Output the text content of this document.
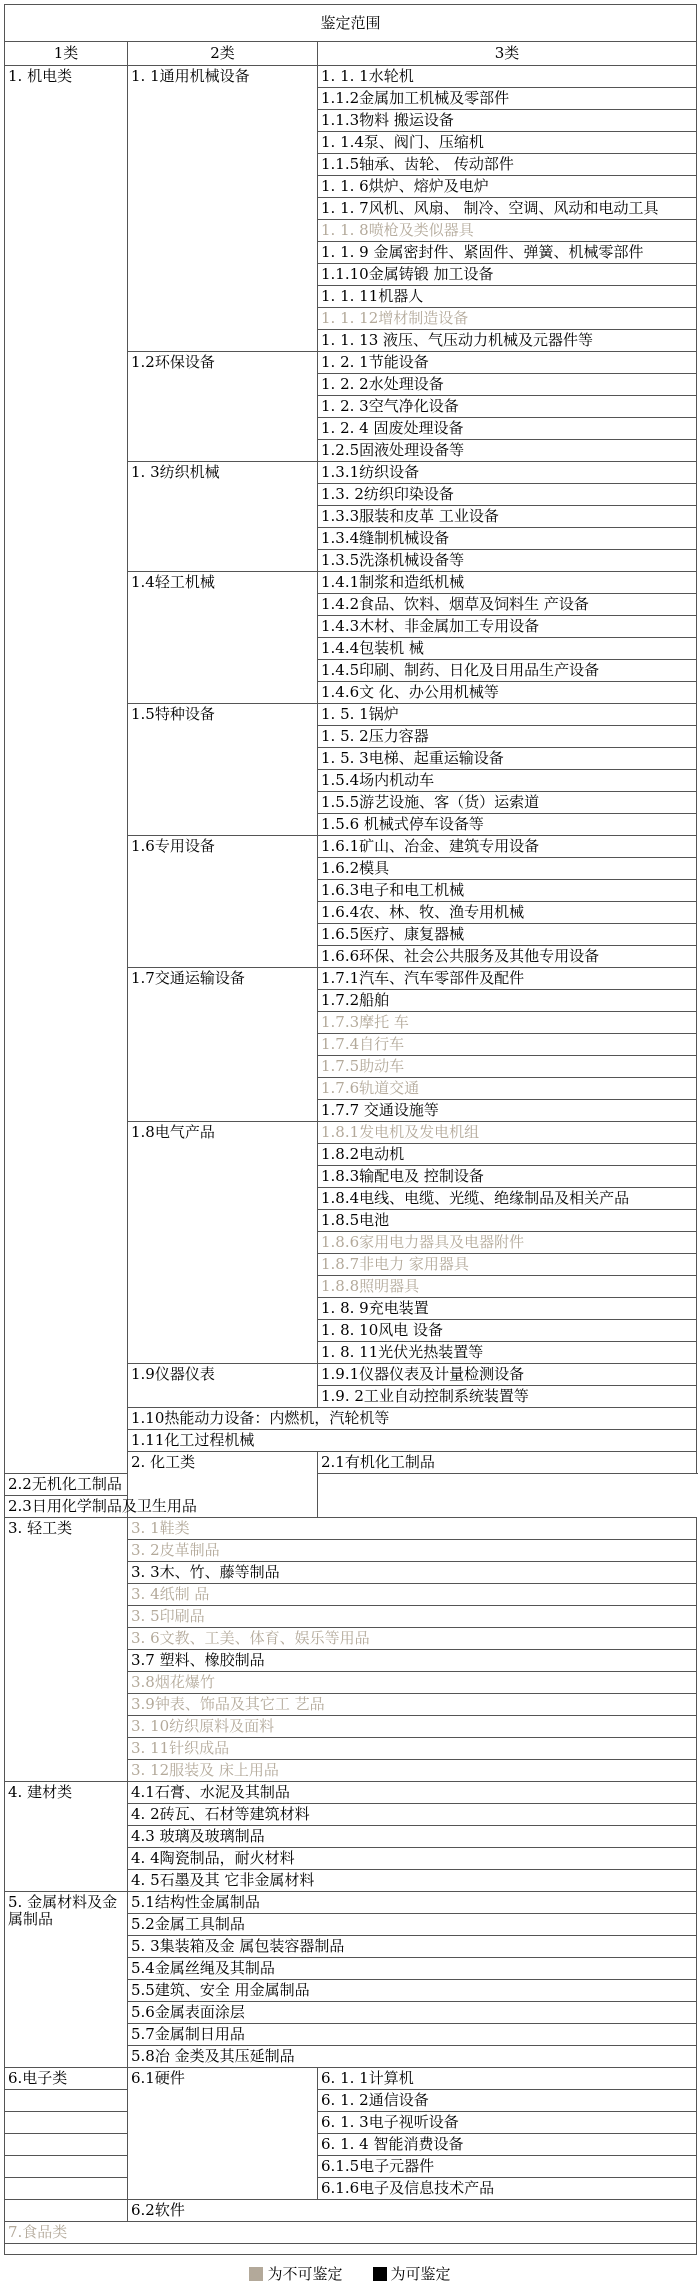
鉴定范围		
1类	2类	3类
1. 机电类	1. 1通用机械设备	1. 1. 1水轮机
		1.1.2金属加工机械及零部件
		1.1.3物料 搬运设备
		1. 1.4泵、阀门、压缩机
		1.1.5轴承、齿轮、 传动部件
		1. 1. 6烘炉、熔炉及电炉
		1. 1. 7风机、风扇、 制冷、空调、风动和电动工具
		1. 1. 8喷枪及类似器具
		1. 1. 9 金属密封件、紧固件、弹簧、机械零部件
		1.1.10金属铸锻 加工设备
		1. 1. 11机器人
		1. 1. 12增材制造设备
		1. 1. 13 液压、气压动力机械及元器件等
	1.2环保设备	1. 2. 1节能设备
		1. 2. 2水处理设备
		1. 2. 3空气净化设备
		1. 2. 4 固废处理设备
		1.2.5固液处理设备等
	1. 3纺织机械	1.3.1纺织设备
		1.3. 2纺织印染设备
		1.3.3服装和皮革 工业设备
		1.3.4缝制机械设备
		1.3.5洗涤机械设备等
	1.4轻工机械	1.4.1制浆和造纸机械
		1.4.2食品、饮料、烟草及饲料生 产设备
		1.4.3木材、非金属加工专用设备
		1.4.4包装机 械
		1.4.5印刷、制药、日化及日用品生产设备
		1.4.6文 化、办公用机械等
	1.5特种设备	1. 5. 1锅炉
		1. 5. 2压力容器
		1. 5. 3电梯、起重运输设备
		1.5.4场内机动车
		1.5.5游艺设施、客（货）运索道
		1.5.6 机械式停车设备等
	1.6专用设备	1.6.1矿山、冶金、建筑专用设备
		1.6.2模具
		1.6.3电子和电工机械
		1.6.4农、林、牧、渔专用机械
		1.6.5医疗、康复器械
		1.6.6环保、社会公共服务及其他专用设备
	1.7交通运输设备	1.7.1汽车、汽车零部件及配件
		1.7.2船舶
		1.7.3摩托 车
		1.7.4自行车
		1.7.5助动车
		1.7.6轨道交通
		1.7.7 交通设施等
	1.8电气产品	1.8.1发电机及发电机组
		1.8.2电动机
		1.8.3输配电及 控制设备
		1.8.4电线、电缆、光缆、绝缘制品及相关产品
		1.8.5电池
		1.8.6家用电力器具及电器附件
		1.8.7非电力 家用器具
		1.8.8照明器具
		1. 8. 9充电装置
		1. 8. 10风电 设备
		1. 8. 11光伏光热装置等
	1.9仪器仪表	1.9.1仪器仪表及计量检测设备
		1.9. 2工业自动控制系统装置等
	1.10热能动力设备：内燃机，汽轮机等	
	1.11化工过程机械	
	2. 化工类	2.1有机化工制品
2.2无机化工制品		
2.3日用化学制品及卫生用品		
3. 轻工类	3. 1鞋类	
	3. 2皮革制品	
	3. 3木、竹、藤等制品	
	3. 4纸制 品	
	3. 5印刷品	
	3. 6文教、工美、体育、娱乐等用品	
	3.7 塑料、橡胶制品	
	3.8烟花爆竹	
	3.9钟表、饰品及其它工 艺品	
	3. 10纺织原料及面料	
	3. 11针织成品	
	3. 12服装及 床上用品	
4. 建材类	4.1石膏、水泥及其制品	
	4. 2砖瓦、石材等建筑材料	
	4.3 玻璃及玻璃制品	
	4. 4陶瓷制品，耐火材料	
	4. 5石墨及其 它非金属材料	
5. 金属材料及金属制品	5.1结构性金属制品	
	5.2金属工具制品	
	5. 3集装箱及金 属包装容器制品	
	5.4金属丝绳及其制品	
	5.5建筑、安全 用金属制品	
	5.6金属表面涂层	
	5.7金属制日用品	
	5.8冶 金类及其压延制品	
6.电子类	6.1硬件	6. 1. 1计算机
		6. 1. 2通信设备
		6. 1. 3电子视听设备
		6. 1. 4 智能消费设备
		6.1.5电子元器件
		6.1.6电子及信息技术产品
	6.2软件	
7.食品类		

为不可鉴定	为可鉴定
